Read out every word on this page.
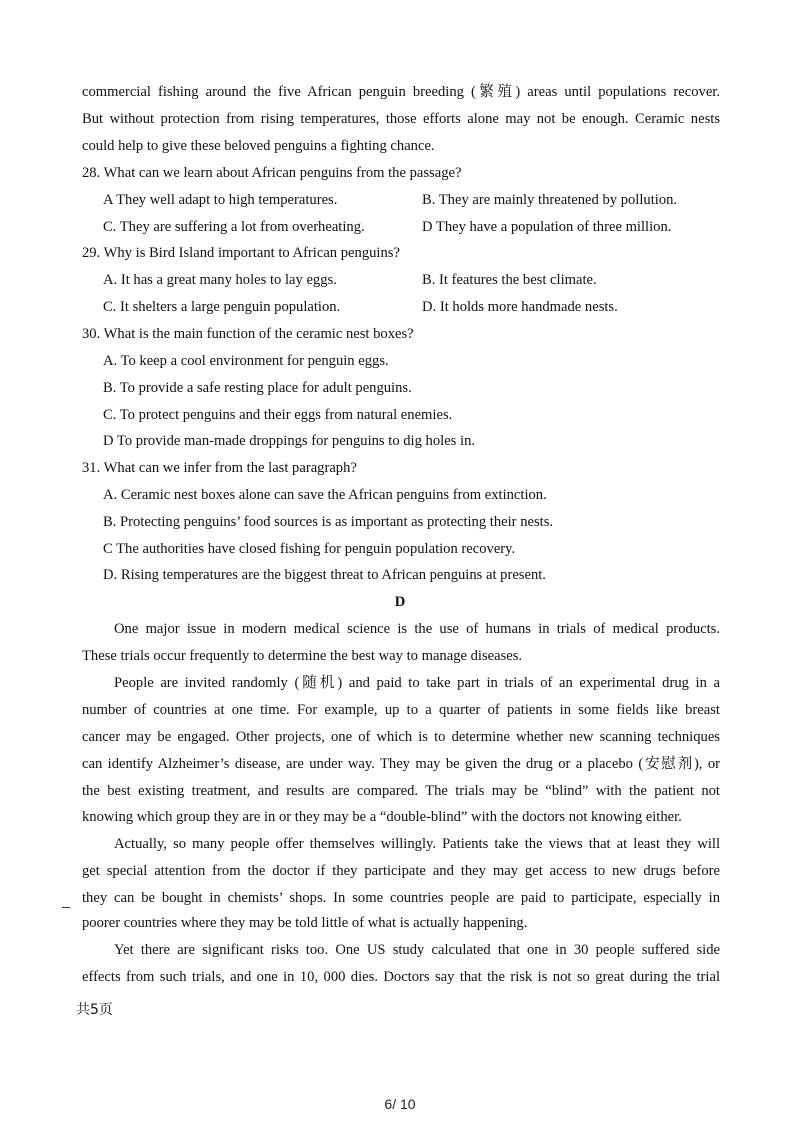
commercial fishing around the five African penguin breeding (繁殖) areas until populations recover.
But without protection from rising temperatures, those efforts alone may not be enough. Ceramic nests
could help to give these beloved penguins a fighting chance.
28. What can we learn about African penguins from the passage?
A They well adapt to high temperatures.	B. They are mainly threatened by pollution.
C. They are suffering a lot from overheating.	D They have a population of three million.
29. Why is Bird Island important to African penguins?
A. It has a great many holes to lay eggs.	B. It features the best climate.
C. It shelters a large penguin population.	D. It holds more handmade nests.
30. What is the main function of the ceramic nest boxes?
A. To keep a cool environment for penguin eggs.
B. To provide a safe resting place for adult penguins.
C. To protect penguins and their eggs from natural enemies.
D To provide man-made droppings for penguins to dig holes in.
31. What can we infer from the last paragraph?
A. Ceramic nest boxes alone can save the African penguins from extinction.
B. Protecting penguins’ food sources is as important as protecting their nests.
C The authorities have closed fishing for penguin population recovery.
D. Rising temperatures are the biggest threat to African penguins at present.
D
One major issue in modern medical science is the use of humans in trials of medical products.
These trials occur frequently to determine the best way to manage diseases.
People are invited randomly (随机) and paid to take part in trials of an experimental drug in a
number of countries at one time. For example, up to a quarter of patients in some fields like breast
cancer may be engaged. Other projects, one of which is to determine whether new scanning techniques
can identify Alzheimer’s disease, are under way. They may be given the drug or a placebo (安慰剂), or
the best existing treatment, and results are compared. The trials may be “blind” with the patient not
knowing which group they are in or they may be a “double-blind” with the doctors not knowing either.
Actually, so many people offer themselves willingly. Patients take the views that at least they will
get special attention from the doctor if they participate and they may get access to new drugs before
they can be bought in chemists’ shops. In some countries people are paid to participate, especially in
poorer countries where they may be told little of what is actually happening.
Yet there are significant risks too. One US study calculated that one in 30 people suffered side
effects from such trials, and one in 10, 000 dies. Doctors say that the risk is not so great during the trial
共5页
6/ 10
